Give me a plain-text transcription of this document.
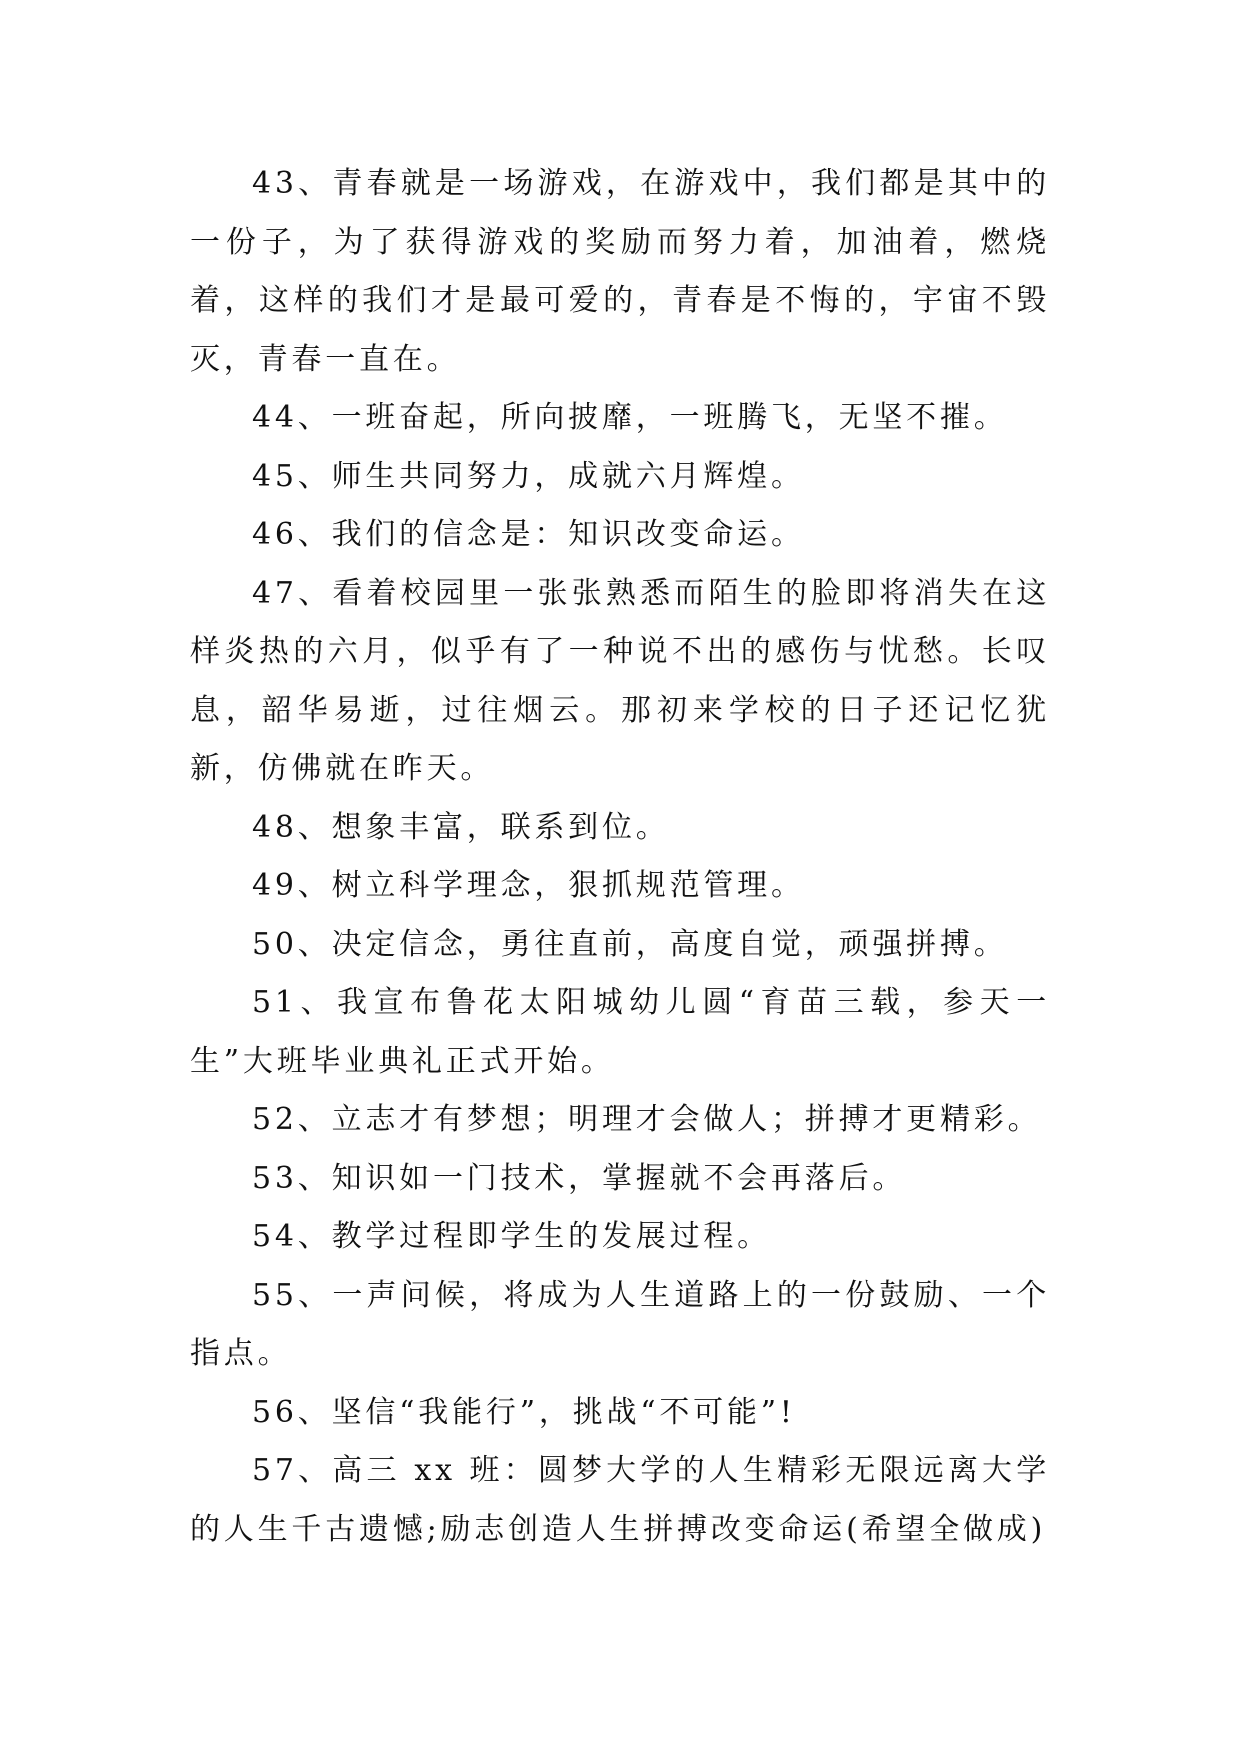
43、青春就是一场游戏，在游戏中，我们都是其中的一份子，为了获得游戏的奖励而努力着，加油着，燃烧着，这样的我们才是最可爱的，青春是不悔的，宇宙不毁灭，青春一直在。

44、一班奋起，所向披靡，一班腾飞，无坚不摧。

45、师生共同努力，成就六月辉煌。

46、我们的信念是：知识改变命运。

47、看着校园里一张张熟悉而陌生的脸即将消失在这样炎热的六月，似乎有了一种说不出的感伤与忧愁。长叹息，韶华易逝，过往烟云。那初来学校的日子还记忆犹新，仿佛就在昨天。

48、想象丰富，联系到位。

49、树立科学理念，狠抓规范管理。

50、决定信念，勇往直前，高度自觉，顽强拼搏。

51、我宣布鲁花太阳城幼儿圆“育苗三载，参天一生”大班毕业典礼正式开始。

52、立志才有梦想；明理才会做人；拼搏才更精彩。

53、知识如一门技术，掌握就不会再落后。

54、教学过程即学生的发展过程。

55、一声问候，将成为人生道路上的一份鼓励、一个指点。

56、坚信“我能行”，挑战“不可能”!

57、高三 xx 班：圆梦大学的人生精彩无限远离大学的人生千古遗憾;励志创造人生拼搏改变命运(希望全做成)
